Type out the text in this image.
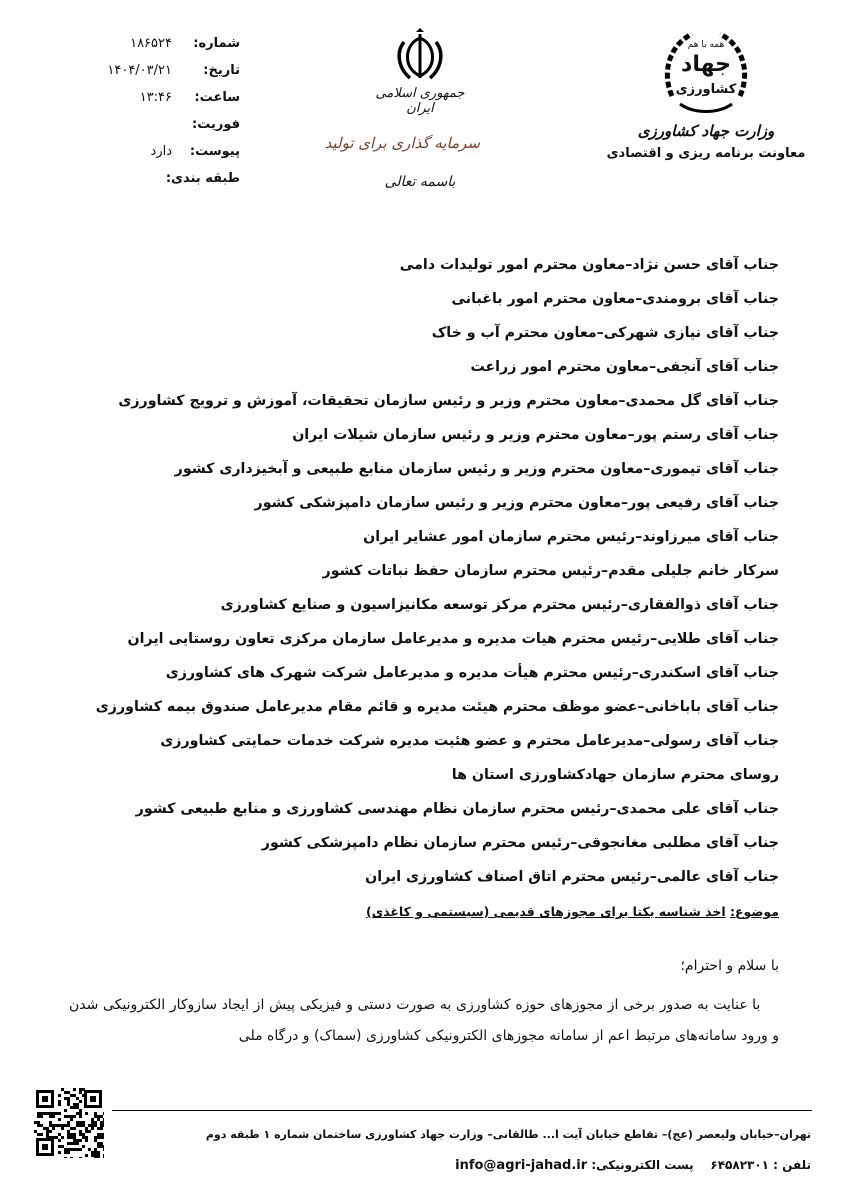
شماره:
۱۸۶۵۲۴
تاریخ:
۱۴۰۴/۰۳/۲۱
ساعت:
۱۳:۴۶
فوریت:
پیوست:
دارد
طبقه بندی:
جمهوری اسلامی ایران
سرمایه گذاری برای تولید
باسمه تعالی
همه با هم
جهاد
کشاورزی
وزارت جهاد کشاورزی
معاونت برنامه ریزی و اقتصادی
جناب آقای حسن نژاد–معاون محترم امور تولیدات دامی
جناب آقای برومندی–معاون محترم امور باغبانی
جناب آقای نیازی شهرکی–معاون محترم آب و خاک
جناب آقای آنجفی–معاون محترم امور زراعت
جناب آقای گل محمدی–معاون محترم وزیر و رئیس سازمان تحقیقات، آموزش و ترویج کشاورزی
جناب آقای رستم پور–معاون محترم وزیر و رئیس سازمان شیلات ایران
جناب آقای تیموری–معاون محترم وزیر و رئیس سازمان منابع طبیعی و آبخیزداری کشور
جناب آقای رفیعی پور–معاون محترم وزیر و رئیس سازمان دامپزشکی کشور
جناب آقای میرزاوند–رئیس محترم سازمان امور عشایر ایران
سرکار خانم جلیلی مقدم–رئیس محترم سازمان حفظ نباتات کشور
جناب آقای ذوالفقاری–رئیس محترم مرکز توسعه مکانیزاسیون و صنایع کشاورزی
جناب آقای طلایی–رئیس محترم هیات مدیره و مدیرعامل سازمان مرکزی تعاون روستایی ایران
جناب آقای اسکندری–رئیس محترم هیأت مدیره و مدیرعامل شرکت شهرک های کشاورزی
جناب آقای باباخانی–عضو موظف محترم هیئت مدیره و قائم مقام مدیرعامل صندوق بیمه کشاورزی
جناب آقای رسولی–مدیرعامل محترم و عضو هئیت مدیره شرکت خدمات حمایتی کشاورزی
روسای محترم سازمان جهادکشاورزی استان ها
جناب آقای علی محمدی–رئیس محترم سازمان نظام مهندسی کشاورزی و منابع طبیعی کشور
جناب آقای مطلبی مغانجوقی–رئیس محترم سازمان نظام دامپزشکی کشور
جناب آقای عالمی–رئیس محترم اتاق اصناف کشاورزی ایران
موضوع: اخذ شناسه یکتا برای مجوزهای قدیمی (سیستمی و کاغذی)
با سلام و احترام؛
با عنایت به صدور برخی از مجوزهای حوزه کشاورزی به صورت دستی و فیزیکی پیش از ایجاد سازوکار الکترونیکی شدن و ورود سامانه‌های مرتبط اعم از سامانه مجوزهای الکترونیکی کشاورزی (سماک) و درگاه ملی
تهران–خیابان ولیعصر (عج)– تقاطع خیابان آیت ا... طالقانی– وزارت جهاد کشاورزی ساختمان شماره ۱ طبقه دوم
تلفن : ۶۴۵۸۲۳۰۱    پست الکترونیکی: info@agri-jahad.ir
